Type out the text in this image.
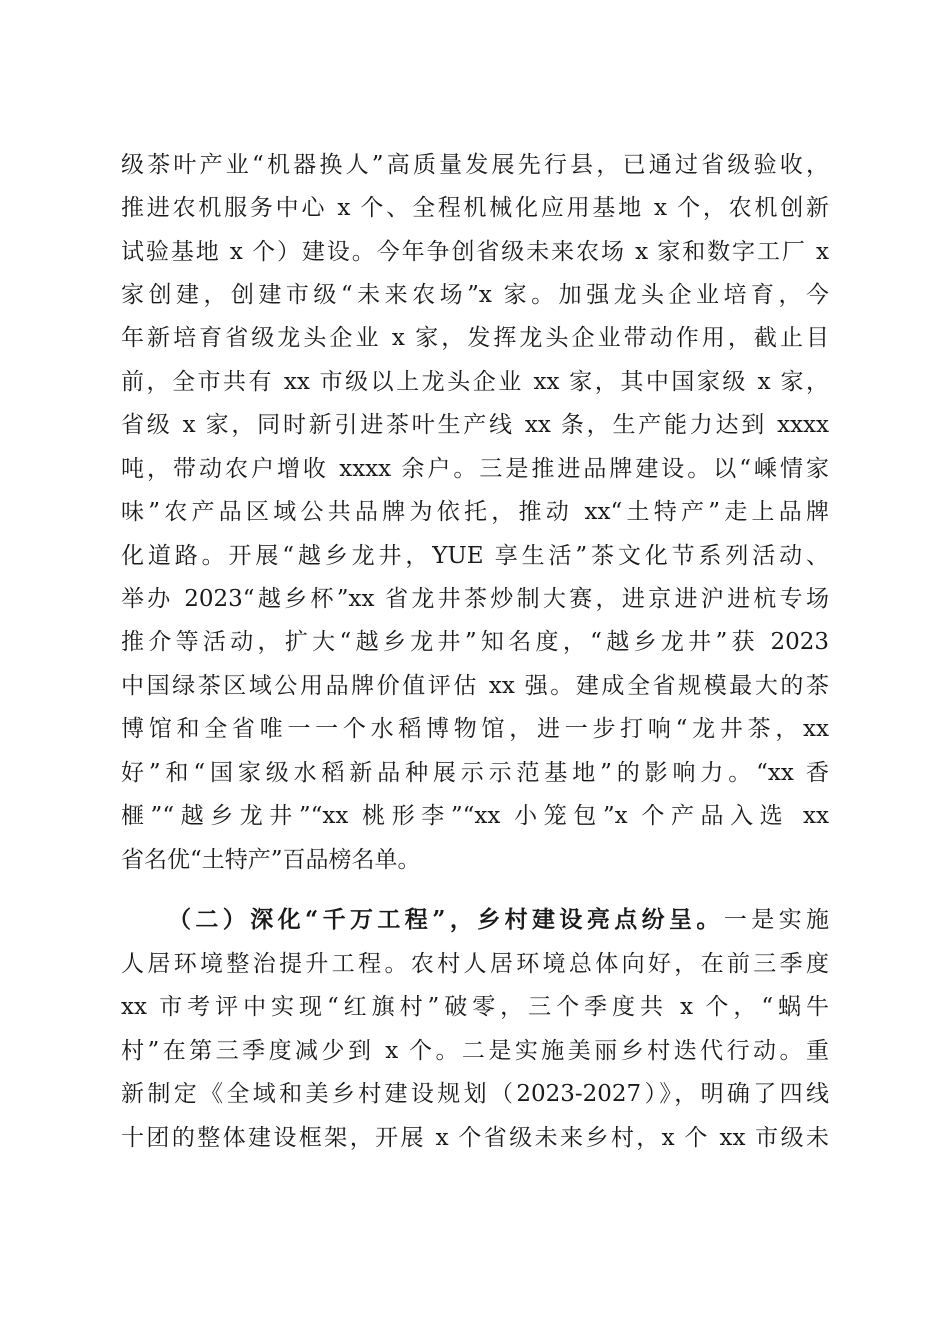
级茶叶产业“机器换人”高质量发展先行县，已通过省级验收，
推进农机服务中心 x 个、全程机械化应用基地 x 个，农机创新
试验基地 x 个）建设。今年争创省级未来农场 x 家和数字工厂 x
家创建，创建市级“未来农场”x 家。加强龙头企业培育，今
年新培育省级龙头企业 x 家，发挥龙头企业带动作用，截止目
前，全市共有 xx 市级以上龙头企业 xx 家，其中国家级 x 家，
省级 x 家，同时新引进茶叶生产线 xx 条，生产能力达到 xxxx
吨，带动农户增收 xxxx 余户。三是推进品牌建设。以“嵊情家
味”农产品区域公共品牌为依托，推动 xx“土特产”走上品牌
化道路。开展“越乡龙井，YUE 享生活”茶文化节系列活动、
举办 2023“越乡杯”xx 省龙井茶炒制大赛，进京进沪进杭专场
推介等活动，扩大“越乡龙井”知名度，“越乡龙井”获 2023
中国绿茶区域公用品牌价值评估 xx 强。建成全省规模最大的茶
博馆和全省唯一一个水稻博物馆，进一步打响“龙井茶，xx
好”和“国家级水稻新品种展示示范基地”的影响力。“xx 香
榧”“越乡龙井”“xx 桃形李”“xx 小笼包”x 个产品入选 xx
省名优“土特产”百品榜名单。
（二）深化“千万工程”，乡村建设亮点纷呈。一是实施
人居环境整治提升工程。农村人居环境总体向好，在前三季度
xx 市考评中实现“红旗村”破零，三个季度共 x 个，“蜗牛
村”在第三季度减少到 x 个。二是实施美丽乡村迭代行动。重
新制定《全域和美乡村建设规划（2023-2027）》，明确了四线
十团的整体建设框架，开展 x 个省级未来乡村，x 个 xx 市级未
